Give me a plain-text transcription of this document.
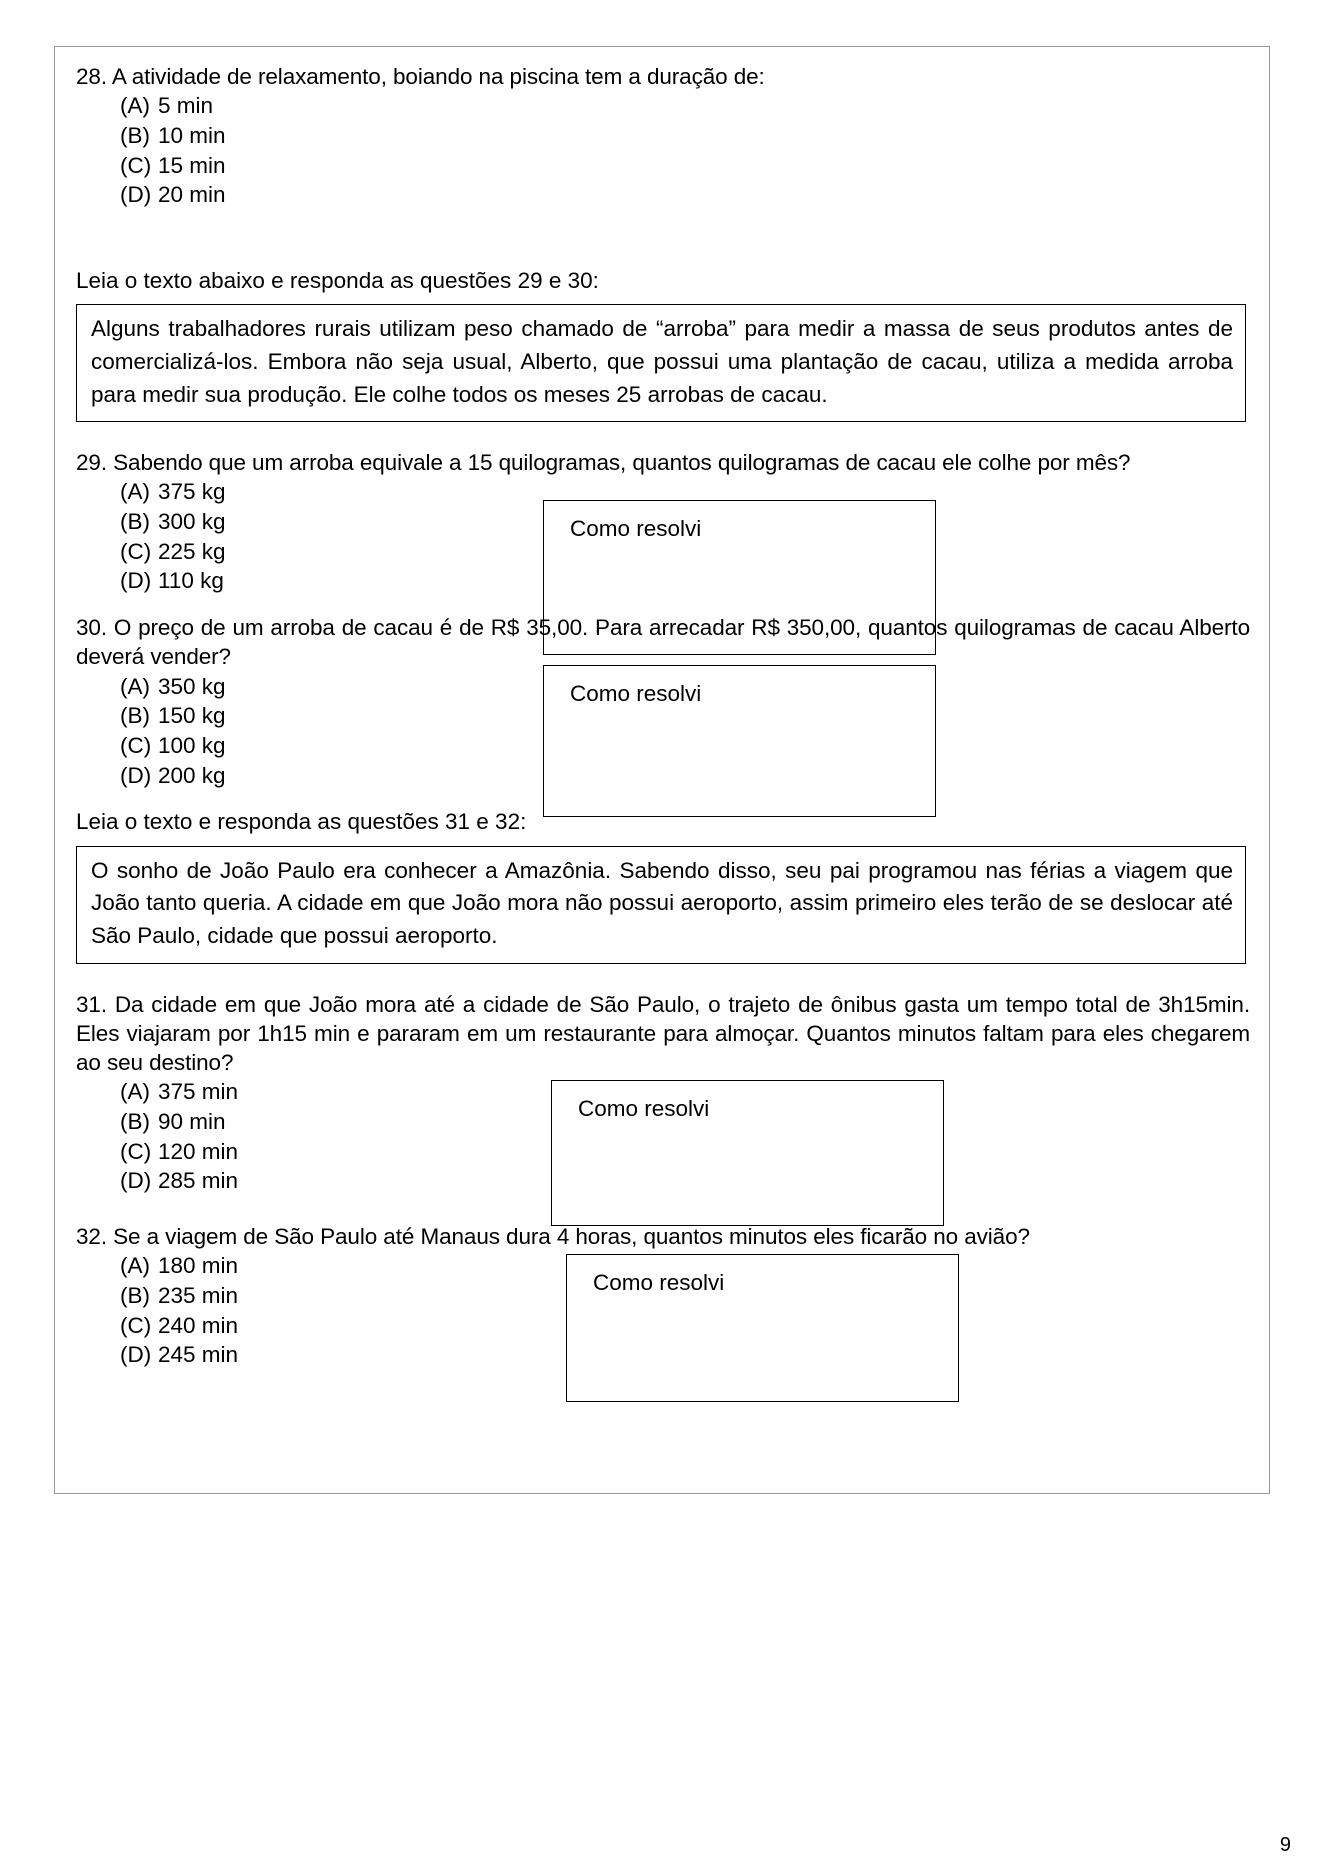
28. A atividade de relaxamento, boiando na piscina tem a duração de:

(A) 5 min
(B) 10 min
(C) 15 min
(D) 20 min

Leia o texto abaixo e responda as questões 29 e 30:

Alguns trabalhadores rurais utilizam peso chamado de “arroba” para medir a massa de seus produtos antes de comercializá-los. Embora não seja usual, Alberto, que possui uma plantação de cacau, utiliza a medida arroba para medir sua produção. Ele colhe todos os meses 25 arrobas de cacau.

29. Sabendo que um arroba equivale a 15 quilogramas, quantos quilogramas de cacau ele colhe por mês?

(A) 375 kg
(B) 300 kg
(C) 225 kg
(D) 110 kg
Como resolvi

30. O preço de um arroba de cacau é de R$ 35,00. Para arrecadar R$ 350,00, quantos quilogramas de cacau Alberto deverá vender?

(A) 350 kg
(B) 150 kg
(C) 100 kg
(D) 200 kg
Como resolvi

Leia o texto e responda as questões 31 e 32:

O sonho de João Paulo era conhecer a Amazônia. Sabendo disso, seu pai programou nas férias a viagem que João tanto queria. A cidade em que João mora não possui aeroporto, assim primeiro eles terão de se deslocar até São Paulo, cidade que possui aeroporto.

31. Da cidade em que João mora até a cidade de São Paulo, o trajeto de ônibus gasta um tempo total de 3h15min. Eles viajaram por 1h15 min e pararam em um restaurante para almoçar. Quantos minutos faltam para eles chegarem ao seu destino?

(A) 375 min
(B) 90 min
(C) 120 min
(D) 285 min
Como resolvi

32. Se a viagem de São Paulo até Manaus dura 4 horas, quantos minutos eles ficarão no avião?

(A) 180 min
(B) 235 min
(C) 240 min
(D) 245 min
Como resolvi
9
